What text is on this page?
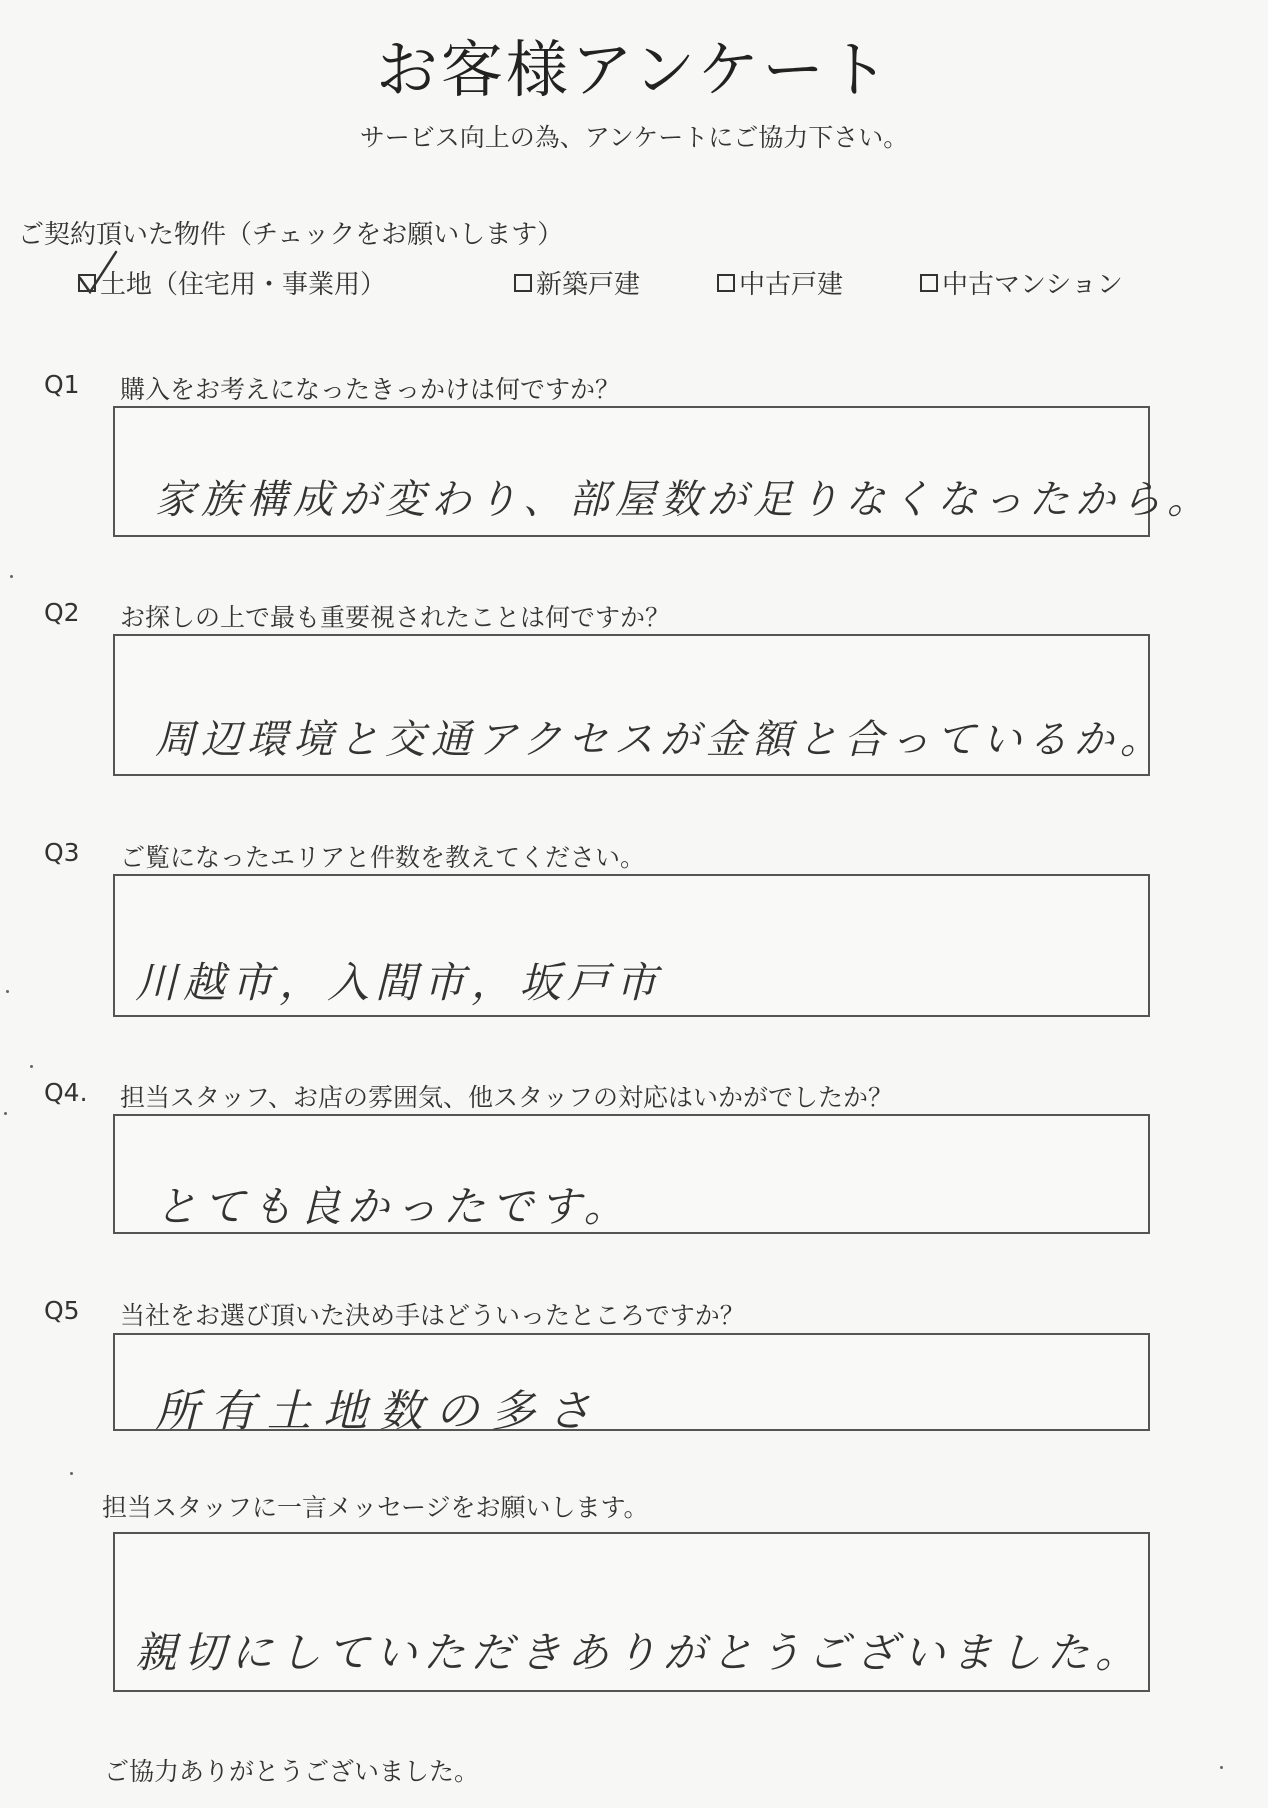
お客様アンケート
サービス向上の為、アンケートにご協力下さい。
ご契約頂いた物件（チェックをお願いします）
土地（住宅用・事業用）	新築戸建	中古戸建	中古マンション
Q1 購入をお考えになったきっかけは何ですか？
家族構成が変わり、部屋数が足りなくなったから。
Q2 お探しの上で最も重要視されたことは何ですか？
周辺環境と交通アクセスが金額と合っているか。
Q3 ご覧になったエリアと件数を教えてください。
川越市，入間市，坂戸市
Q4. 担当スタッフ、お店の雰囲気、他スタッフの対応はいかがでしたか？
とても良かったです。
Q5 当社をお選び頂いた決め手はどういったところですか？
所有土地数の多さ
担当スタッフに一言メッセージをお願いします。
親切にしていただきありがとうございました。
ご協力ありがとうございました。
